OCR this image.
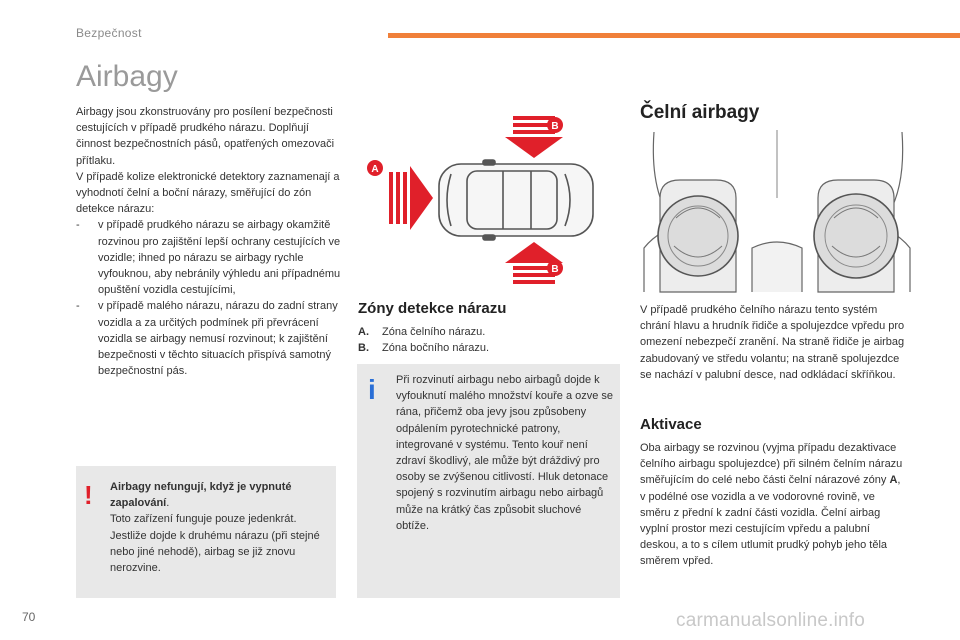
Bezpečnost
Airbagy

Airbagy jsou zkonstruovány pro posílení bezpečnosti cestujících v případě prudkého nárazu. Doplňují činnost bezpečnostních pásů, opatřených omezovači přítlaku.

V případě kolize elektronické detektory zaznamenají a vyhodnotí čelní a boční nárazy, směřující do zón detekce nárazu:

-	v případě prudkého nárazu se airbagy okamžitě rozvinou pro zajištění lepší ochrany cestujících ve vozidle; ihned po nárazu se airbagy rychle vyfouknou, aby nebránily výhledu ani případnému opuštění vozidla cestujícími,
-	v případě malého nárazu, nárazu do zadní strany vozidla a za určitých podmínek při převrácení vozidla se airbagy nemusí rozvinout; k zajištění bezpečnosti v těchto situacích přispívá samotný bezpečnostní pás.
! Airbagy nefungují, když je vypnuté zapalování.
Toto zařízení funguje pouze jedenkrát. Jestliže dojde k druhému nárazu (při stejné nebo jiné nehodě), airbag se již znovu nerozvine.
A
B
B
Zóny detekce nárazu
A. Zóna čelního nárazu.
B. Zóna bočního nárazu.
i Při rozvinutí airbagu nebo airbagů dojde k vyfouknutí malého množství kouře a ozve se rána, přičemž oba jevy jsou způsobeny odpálením pyrotechnické patrony, integrované v systému. Tento kouř není zdraví škodlivý, ale může být dráždivý pro osoby se zvýšenou citlivostí. Hluk detonace spojený s rozvinutím airbagu nebo airbagů může na krátký čas způsobit sluchové obtíže.
Čelní airbagy
V případě prudkého čelního nárazu tento systém chrání hlavu a hrudník řidiče a spolujezdce vpředu pro omezení nebezpečí zranění. Na straně řidiče je airbag zabudovaný ve středu volantu; na straně spolujezdce se nachází v palubní desce, nad odkládací skříňkou.
Aktivace
Oba airbagy se rozvinou (vyjma případu dezaktivace čelního airbagu spolujezdce) při silném čelním nárazu směřujícím do celé nebo části čelní nárazové zóny A, v podélné ose vozidla a ve vodorovné rovině, ve směru z přední k zadní části vozidla. Čelní airbag vyplní prostor mezi cestujícím vpředu a palubní deskou, a to s cílem utlumit prudký pohyb jeho těla směrem vpřed.
70	carmanualsonline.info
